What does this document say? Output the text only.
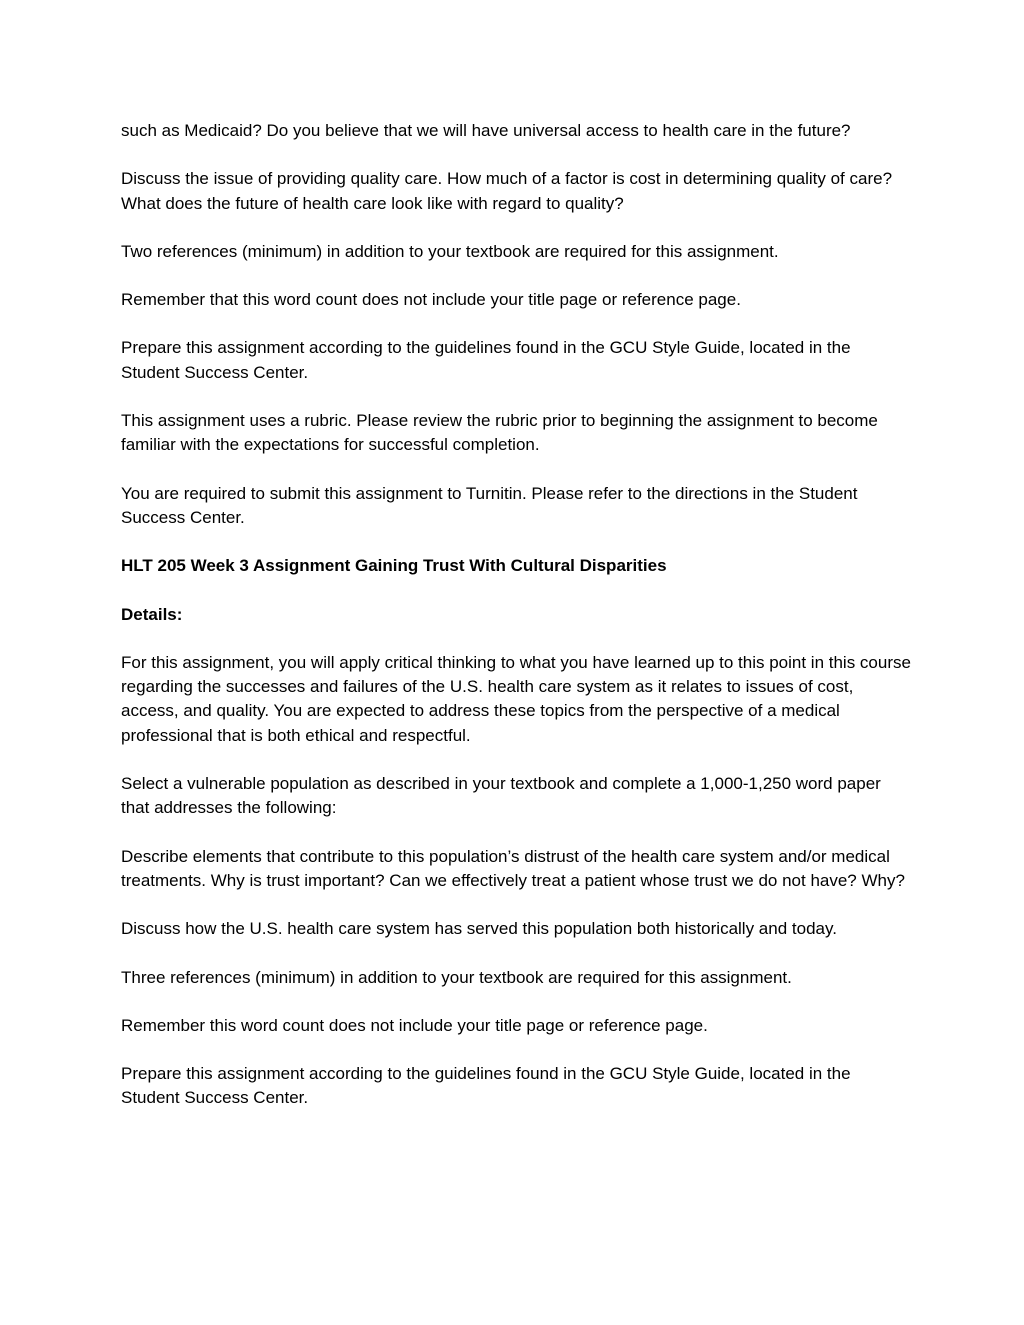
such as Medicaid? Do you believe that we will have universal access to health care in the future?

Discuss the issue of providing quality care. How much of a factor is cost in determining quality of care? What does the future of health care look like with regard to quality?

Two references (minimum) in addition to your textbook are required for this assignment.

Remember that this word count does not include your title page or reference page.

Prepare this assignment according to the guidelines found in the GCU Style Guide, located in the Student Success Center.

This assignment uses a rubric. Please review the rubric prior to beginning the assignment to become familiar with the expectations for successful completion.

You are required to submit this assignment to Turnitin. Please refer to the directions in the Student Success Center.

HLT 205 Week 3 Assignment Gaining Trust With Cultural Disparities

Details:

For this assignment, you will apply critical thinking to what you have learned up to this point in this course regarding the successes and failures of the U.S. health care system as it relates to issues of cost, access, and quality. You are expected to address these topics from the perspective of a medical professional that is both ethical and respectful.

Select a vulnerable population as described in your textbook and complete a 1,000-1,250 word paper that addresses the following:

Describe elements that contribute to this population’s distrust of the health care system and/or medical treatments. Why is trust important? Can we effectively treat a patient whose trust we do not have? Why?

Discuss how the U.S. health care system has served this population both historically and today.

Three references (minimum) in addition to your textbook are required for this assignment.

Remember this word count does not include your title page or reference page.

Prepare this assignment according to the guidelines found in the GCU Style Guide, located in the Student Success Center.
